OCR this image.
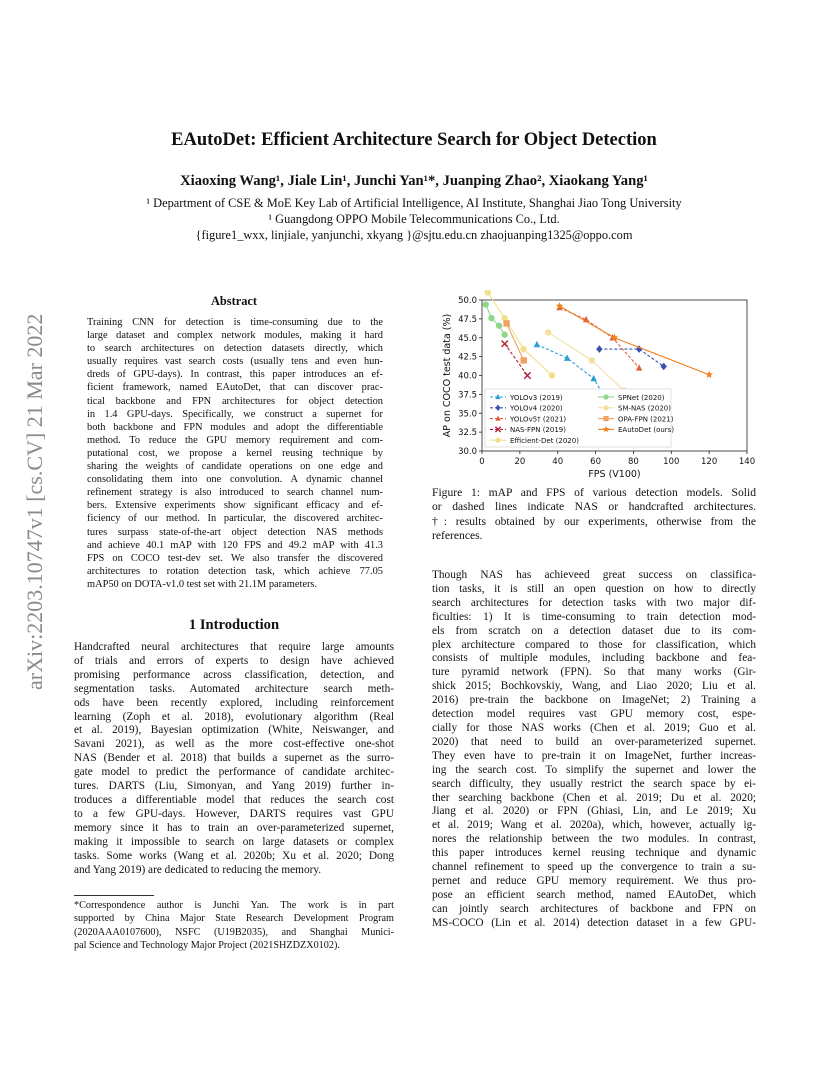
EAutoDet: Efficient Architecture Search for Object Detection
Xiaoxing Wang¹, Jiale Lin¹, Junchi Yan¹*, Juanping Zhao², Xiaokang Yang¹
¹ Department of CSE & MoE Key Lab of Artificial Intelligence, AI Institute, Shanghai Jiao Tong University
¹ Guangdong OPPO Mobile Telecommunications Co., Ltd.
{figure1_wxx, linjiale, yanjunchi, xkyang }@sjtu.edu.cn zhaojuanping1325@oppo.com
arXiv:2203.10747v1 [cs.CV] 21 Mar 2022
Abstract
Training CNN for detection is time-consuming due to the
large dataset and complex network modules, making it hard
to search architectures on detection datasets directly, which
usually requires vast search costs (usually tens and even hun-
dreds of GPU-days). In contrast, this paper introduces an ef-
ficient framework, named EAutoDet, that can discover prac-
tical backbone and FPN architectures for object detection
in 1.4 GPU-days. Specifically, we construct a supernet for
both backbone and FPN modules and adopt the differentiable
method. To reduce the GPU memory requirement and com-
putational cost, we propose a kernel reusing technique by
sharing the weights of candidate operations on one edge and
consolidating them into one convolution. A dynamic channel
refinement strategy is also introduced to search channel num-
bers. Extensive experiments show significant efficacy and ef-
ficiency of our method. In particular, the discovered architec-
tures surpass state-of-the-art object detection NAS methods
and achieve 40.1 mAP with 120 FPS and 49.2 mAP with 41.3
FPS on COCO test-dev set. We also transfer the discovered
architectures to rotation detection task, which achieve 77.05
mAP50 on DOTA-v1.0 test set with 21.1M parameters.
1 Introduction
Handcrafted neural architectures that require large amounts
of trials and errors of experts to design have achieved
promising performance across classification, detection, and
segmentation tasks. Automated architecture search meth-
ods have been recently explored, including reinforcement
learning (Zoph et al. 2018), evolutionary algorithm (Real
et al. 2019), Bayesian optimization (White, Neiswanger, and
Savani 2021), as well as the more cost-effective one-shot
NAS (Bender et al. 2018) that builds a supernet as the surro-
gate model to predict the performance of candidate architec-
tures. DARTS (Liu, Simonyan, and Yang 2019) further in-
troduces a differentiable model that reduces the search cost
to a few GPU-days. However, DARTS requires vast GPU
memory since it has to train an over-parameterized supernet,
making it impossible to search on large datasets or complex
tasks. Some works (Wang et al. 2020b; Xu et al. 2020; Dong
and Yang 2019) are dedicated to reducing the memory.
*Correspondence author is Junchi Yan. The work is in part
supported by China Major State Research Development Program
(2020AAA0107600), NSFC (U19B2035), and Shanghai Munici-
pal Science and Technology Major Project (2021SHZDZX0102).
0	20	40	60	80	100	120	140
30.0
32.5
35.0
37.5
40.0
42.5
45.0
47.5
50.0
FPS (V100)
AP on COCO test data (%)	YOLOv3 (2019)
YOLOv4 (2020)
YOLOv5† (2021)
NAS-FPN (2019)
Efficient-Det (2020)
SPNet (2020)
SM-NAS (2020)
OPA-FPN (2021)
EAutoDet (ours)
Figure 1: mAP and FPS of various detection models. Solid
or dashed lines indicate NAS or handcrafted architectures.
†: results obtained by our experiments, otherwise from the
references.
Though NAS has achieveed great success on classifica-
tion tasks, it is still an open question on how to directly
search architectures for detection tasks with two major dif-
ficulties: 1) It is time-consuming to train detection mod-
els from scratch on a detection dataset due to its com-
plex architecture compared to those for classification, which
consists of multiple modules, including backbone and fea-
ture pyramid network (FPN). So that many works (Gir-
shick 2015; Bochkovskiy, Wang, and Liao 2020; Liu et al.
2016) pre-train the backbone on ImageNet; 2) Training a
detection model requires vast GPU memory cost, espe-
cially for those NAS works (Chen et al. 2019; Guo et al.
2020) that need to build an over-parameterized supernet.
They even have to pre-train it on ImageNet, further increas-
ing the search cost. To simplify the supernet and lower the
search difficulty, they usually restrict the search space by ei-
ther searching backbone (Chen et al. 2019; Du et al. 2020;
Jiang et al. 2020) or FPN (Ghiasi, Lin, and Le 2019; Xu
et al. 2019; Wang et al. 2020a), which, however, actually ig-
nores the relationship between the two modules. In contrast,
this paper introduces kernel reusing technique and dynamic
channel refinement to speed up the convergence to train a su-
pernet and reduce GPU memory requirement. We thus pro-
pose an efficient search method, named EAutoDet, which
can jointly search architectures of backbone and FPN on
MS-COCO (Lin et al. 2014) detection dataset in a few GPU-
